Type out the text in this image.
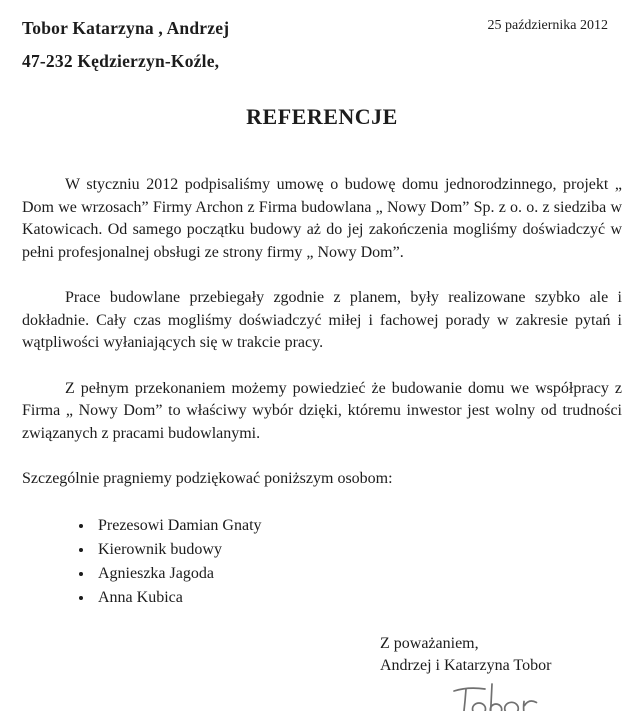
Tobor Katarzyna , Andrzej
47-232 Kędzierzyn-Koźle,
25 października 2012
REFERENCJE

W styczniu 2012 podpisaliśmy umowę o budowę domu jednorodzinnego, projekt „ Dom we wrzosach” Firmy Archon z Firma budowlana „ Nowy Dom” Sp. z o. o. z siedziba w Katowicach. Od samego początku budowy aż do jej zakończenia mogliśmy doświadczyć w pełni profesjonalnej obsługi ze strony firmy „ Nowy Dom”.

Prace budowlane przebiegały zgodnie z planem, były realizowane szybko ale i dokładnie. Cały czas mogliśmy doświadczyć miłej i fachowej porady w zakresie pytań i wątpliwości wyłaniających się w trakcie pracy.

Z pełnym przekonaniem możemy powiedzieć że budowanie domu we współpracy z Firma „ Nowy Dom” to właściwy wybór dzięki, któremu inwestor jest wolny od trudności związanych z pracami budowlanymi.

Szczególnie pragniemy podziękować poniższym osobom:

• Prezesowi Damian Gnaty
• Kierownik budowy
• Agnieszka Jagoda
• Anna Kubica
Z poważaniem,
Andrzej i Katarzyna Tobor
